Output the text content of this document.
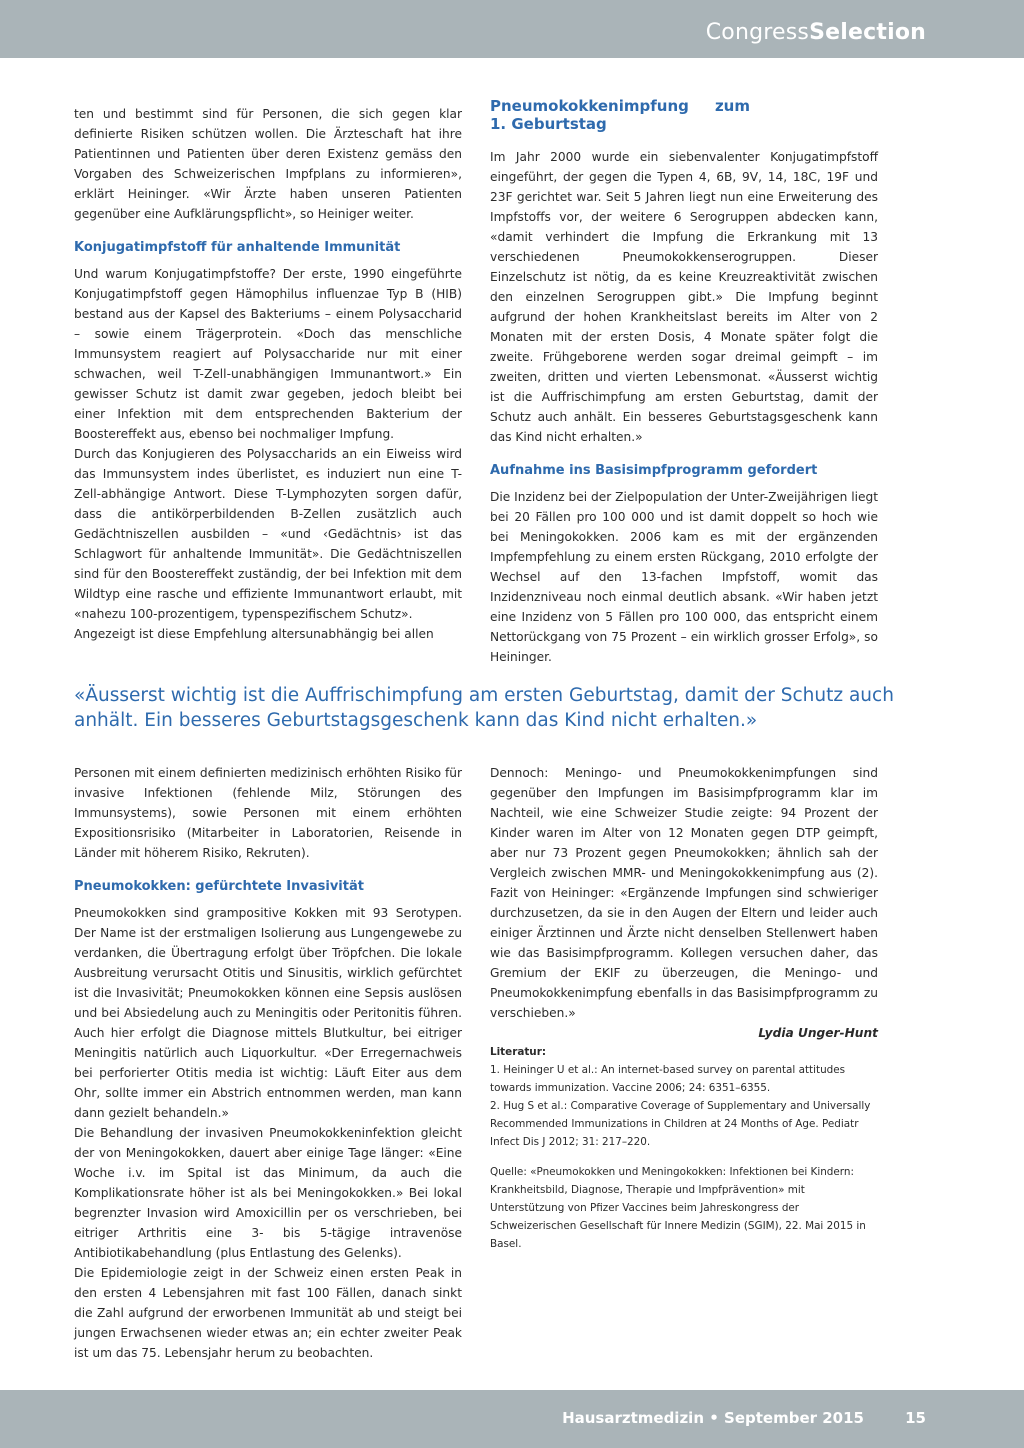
CongressSelection

ten und bestimmt sind für Personen, die sich gegen klar definierte Risiken schützen wollen. Die Ärzteschaft hat ihre Patientinnen und Patienten über deren Existenz gemäss den Vorgaben des Schweizerischen Impfplans zu informieren», erklärt Heininger. «Wir Ärzte haben unseren Patienten gegenüber eine Aufklärungspflicht», so Heiniger weiter.

Konjugatimpfstoff für anhaltende Immunität

Und warum Konjugatimpfstoffe? Der erste, 1990 eingeführte Konjugatimpfstoff gegen Hämophilus influenzae Typ B (HIB) bestand aus der Kapsel des Bakteriums – einem Polysaccharid – sowie einem Trägerprotein. «Doch das menschliche Immunsystem reagiert auf Polysaccharide nur mit einer schwachen, weil T-Zell-unabhängigen Immunantwort.» Ein gewisser Schutz ist damit zwar gegeben, jedoch bleibt bei einer Infektion mit dem entsprechenden Bakterium der Boostereffekt aus, ebenso bei nochmaliger Impfung.

Durch das Konjugieren des Polysaccharids an ein Eiweiss wird das Immunsystem indes überlistet, es induziert nun eine T-Zell-abhängige Antwort. Diese T-Lymphozyten sorgen dafür, dass die antikörperbildenden B-Zellen zusätzlich auch Gedächtniszellen ausbilden – «und ‹Gedächtnis› ist das Schlagwort für anhaltende Immunität». Die Gedächtniszellen sind für den Boostereffekt zuständig, der bei Infektion mit dem Wildtyp eine rasche und effiziente Immunantwort erlaubt, mit «nahezu 100-prozentigem, typenspezifischem Schutz».

Angezeigt ist diese Empfehlung altersunabhängig bei allen

Pneumokokkenimpfung zum 1. Geburtstag

Im Jahr 2000 wurde ein siebenvalenter Konjugatimpfstoff eingeführt, der gegen die Typen 4, 6B, 9V, 14, 18C, 19F und 23F gerichtet war. Seit 5 Jahren liegt nun eine Erweiterung des Impfstoffs vor, der weitere 6 Serogruppen abdecken kann, «damit verhindert die Impfung die Erkrankung mit 13 verschiedenen Pneumokokkenserogruppen. Dieser Einzelschutz ist nötig, da es keine Kreuzreaktivität zwischen den einzelnen Serogruppen gibt.» Die Impfung beginnt aufgrund der hohen Krankheitslast bereits im Alter von 2 Monaten mit der ersten Dosis, 4 Monate später folgt die zweite. Frühgeborene werden sogar dreimal geimpft – im zweiten, dritten und vierten Lebensmonat. «Äusserst wichtig ist die Auffrischimpfung am ersten Geburtstag, damit der Schutz auch anhält. Ein besseres Geburtstagsgeschenk kann das Kind nicht erhalten.»

Aufnahme ins Basisimpfprogramm gefordert

Die Inzidenz bei der Zielpopulation der Unter-Zweijährigen liegt bei 20 Fällen pro 100 000 und ist damit doppelt so hoch wie bei Meningokokken. 2006 kam es mit der ergänzenden Impfempfehlung zu einem ersten Rückgang, 2010 erfolgte der Wechsel auf den 13-fachen Impfstoff, womit das Inzidenzniveau noch einmal deutlich absank. «Wir haben jetzt eine Inzidenz von 5 Fällen pro 100 000, das entspricht einem Nettorückgang von 75 Prozent – ein wirklich grosser Erfolg», so Heininger.

«Äusserst wichtig ist die Auffrischimpfung am ersten Geburtstag, damit der Schutz auch anhält. Ein besseres Geburtstagsgeschenk kann das Kind nicht erhalten.»

Personen mit einem definierten medizinisch erhöhten Risiko für invasive Infektionen (fehlende Milz, Störungen des Immunsystems), sowie Personen mit einem erhöhten Expositionsrisiko (Mitarbeiter in Laboratorien, Reisende in Länder mit höherem Risiko, Rekruten).

Pneumokokken: gefürchtete Invasivität

Pneumokokken sind grampositive Kokken mit 93 Serotypen. Der Name ist der erstmaligen Isolierung aus Lungengewebe zu verdanken, die Übertragung erfolgt über Tröpfchen. Die lokale Ausbreitung verursacht Otitis und Sinusitis, wirklich gefürchtet ist die Invasivität; Pneumokokken können eine Sepsis auslösen und bei Absiedelung auch zu Meningitis oder Peritonitis führen. Auch hier erfolgt die Diagnose mittels Blutkultur, bei eitriger Meningitis natürlich auch Liquorkultur. «Der Erregernachweis bei perforierter Otitis media ist wichtig: Läuft Eiter aus dem Ohr, sollte immer ein Abstrich entnommen werden, man kann dann gezielt behandeln.»

Die Behandlung der invasiven Pneumokokkeninfektion gleicht der von Meningokokken, dauert aber einige Tage länger: «Eine Woche i.v. im Spital ist das Minimum, da auch die Komplikationsrate höher ist als bei Meningokokken.» Bei lokal begrenzter Invasion wird Amoxicillin per os verschrieben, bei eitriger Arthritis eine 3- bis 5-tägige intravenöse Antibiotikabehandlung (plus Entlastung des Gelenks).

Die Epidemiologie zeigt in der Schweiz einen ersten Peak in den ersten 4 Lebensjahren mit fast 100 Fällen, danach sinkt die Zahl aufgrund der erworbenen Immunität ab und steigt bei jungen Erwachsenen wieder etwas an; ein echter zweiter Peak ist um das 75. Lebensjahr herum zu beobachten.

Dennoch: Meningo- und Pneumokokkenimpfungen sind gegenüber den Impfungen im Basisimpfprogramm klar im Nachteil, wie eine Schweizer Studie zeigte: 94 Prozent der Kinder waren im Alter von 12 Monaten gegen DTP geimpft, aber nur 73 Prozent gegen Pneumokokken; ähnlich sah der Vergleich zwischen MMR- und Meningokokkenimpfung aus (2). Fazit von Heininger: «Ergänzende Impfungen sind schwieriger durchzusetzen, da sie in den Augen der Eltern und leider auch einiger Ärztinnen und Ärzte nicht denselben Stellenwert haben wie das Basisimpfprogramm. Kollegen versuchen daher, das Gremium der EKIF zu überzeugen, die Meningo- und Pneumokokkenimpfung ebenfalls in das Basisimpfprogramm zu verschieben.»

Lydia Unger-Hunt

Literatur:

1. Heininger U et al.: An internet-based survey on parental attitudes towards immunization. Vaccine 2006; 24: 6351–6355.

2. Hug S et al.: Comparative Coverage of Supplementary and Universally Recommended Immunizations in Children at 24 Months of Age. Pediatr Infect Dis J 2012; 31: 217–220.

Quelle: «Pneumokokken und Meningokokken: Infektionen bei Kindern: Krankheitsbild, Diagnose, Therapie und Impfprävention» mit Unterstützung von Pfizer Vaccines beim Jahreskongress der Schweizerischen Gesellschaft für Innere Medizin (SGIM), 22. Mai 2015 in Basel.

Hausarztmedizin • September 2015	15
